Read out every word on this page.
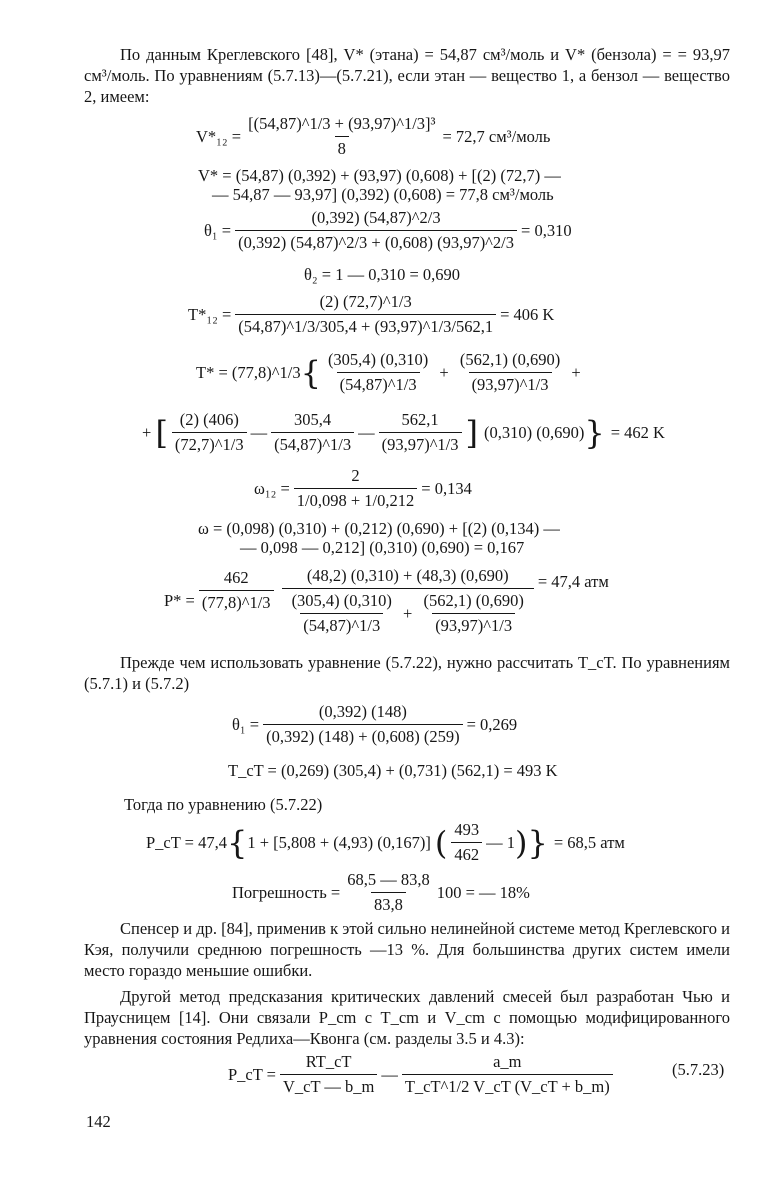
По данным Креглевского [48], V* (этана) = 54,87 см³/моль и V* (бензола) = = 93,97 см³/моль. По уравнениям (5.7.13)—(5.7.21), если этан — вещество 1, а бензол — вещество 2, имеем:
$V*_{12} = \frac{\text{[(54,87)\textasciicircum{}1/3 + (93,97)\textasciicircum{}1/3]³}}{8} = 72,7$ см³/моль
V* = (54,87) (0,392) + (93,97) (0,608) + [(2) (72,7) —
— 54,87 — 93,97] (0,392) (0,608) = 77,8 см³/моль
$\theta_1 = \frac{(0,392) (54,87)\^{}2/3}{(0,392) (54,87)\^{}2/3 + (0,608) (93,97)\^{}2/3} = 0,310$
θ₂ = 1 — 0,310 = 0,690
$T*_{12} = \frac{(2) (72,7)\^{}1/3}{(54,87)\^{}1/3/305,4 + (93,97)\^{}1/3/562,1} = 406$ K
T* = (77,8)^1/3 { $\frac{(305,4) (0,310)}{(54,87)\^{}1/3} + \frac{(562,1) (0,690)}{(93,97)\^{}1/3}$ +
+ [ $\frac{(2) (406)}{(72,7)\^{}1/3}$ — $\frac{305,4}{(54,87)\^{}1/3}$ — $\frac{562,1}{(93,97)\^{}1/3}$ ] (0,310) (0,690) } = 462 K
$\omega_{12} = \frac{2}{1/0,098 + 1/0,212} = 0,134$
ω = (0,098) (0,310) + (0,212) (0,690) + [(2) (0,134) —
— 0,098 — 0,212] (0,310) (0,690) = 0,167
$P* = \frac{462}{(77,8)\^{}1/3} (48,2) (0,310) + (48,3)$ (0,690)
$\frac{(305,4) (0,310)}{(54,87)\^{}1/3} + \frac{(562,1) (0,690)}{(93,97)\^{}1/3}$
= 47,4 атм
Прежде чем использовать уравнение (5.7.22), нужно рассчитать T_cT. По уравнениям (5.7.1) и (5.7.2)
$\theta_1 = \frac{(0,392) (148)}{(0,392) (148) + (0,608) (259)} = 0,269$
T_cT = (0,269) (305,4) + (0,731) (562,1) = 493 K
Тогда по уравнению (5.7.22)
P_cT = 47,4 { 1 + [5,808 + (4,93) (0,167)] ( $\frac{493}{462}$ — 1 ) } = 68,5 атм
Погрешность = $\frac{68,5 — 83,8}{83,8} 100$ = — 18%
Спенсер и др. [84], применив к этой сильно нелинейной системе метод Креглевского и Кэя, получили среднюю погрешность —13 %. Для большинства других систем имели место гораздо меньшие ошибки.
Другой метод предсказания критических давлений смесей был разработан Чью и Праусницем [14]. Они связали P_cm с T_cm и V_cm с помощью модифицированного уравнения состояния Редлиха—Квонга (см. разделы 3.5 и 4.3):
P_cT = $\frac{RT\_cT}{V\_cT — b\_m}$ — $\frac{a\_m}{T\_cT\^{}1/2 V\_cT (V\_cT + b\_m)}$	(5.7.23)
142
